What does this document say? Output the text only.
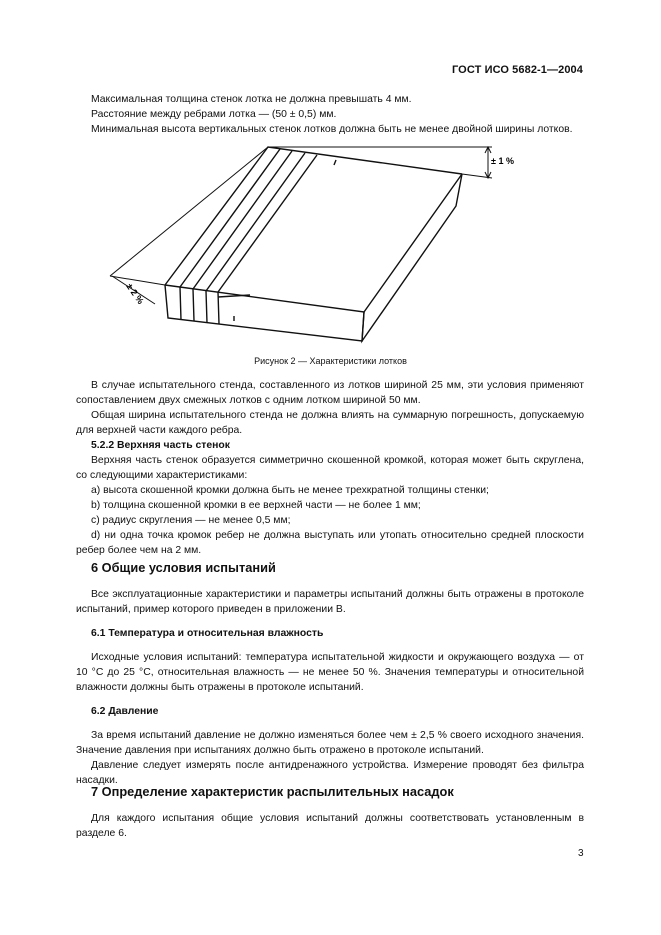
ГОСТ ИСО 5682-1—2004

Максимальная толщина стенок лотка не должна превышать 4 мм.

Расстояние между ребрами лотка — (50 ± 0,5) мм.

Минимальная высота вертикальных стенок лотков должна быть не менее двойной ширины лотков.

± 1 %
± 2 %
Рисунок 2 — Характеристики лотков

В случае испытательного стенда, составленного из лотков шириной 25 мм, эти условия применяют сопоставлением двух смежных лотков с одним лотком шириной 50 мм.

Общая ширина испытательного стенда не должна влиять на суммарную погрешность, допускаемую для верхней части каждого ребра.

5.2.2 Верхняя часть стенок

Верхняя часть стенок образуется симметрично скошенной кромкой, которая может быть скруглена, со следующими характеристиками:

a) высота скошенной кромки должна быть не менее трехкратной толщины стенки;

b) толщина скошенной кромки в ее верхней части — не более 1 мм;

c) радиус скругления — не менее 0,5 мм;

d) ни одна точка кромок ребер не должна выступать или утопать относительно средней плоскости ребер более чем на 2 мм.

6 Общие условия испытаний

Все эксплуатационные характеристики и параметры испытаний должны быть отражены в протоколе испытаний, пример которого приведен в приложении В.

6.1 Температура и относительная влажность

Исходные условия испытаний: температура испытательной жидкости и окружающего воздуха — от 10 °С до 25 °С, относительная влажность — не менее 50 %. Значения температуры и относительной влажности должны быть отражены в протоколе испытаний.

6.2 Давление

За время испытаний давление не должно изменяться более чем ± 2,5 % своего исходного значения. Значение давления при испытаниях должно быть отражено в протоколе испытаний.

Давление следует измерять после антидренажного устройства. Измерение проводят без фильтра насадки.

7 Определение характеристик распылительных насадок

Для каждого испытания общие условия испытаний должны соответствовать установленным в разделе 6.

3
